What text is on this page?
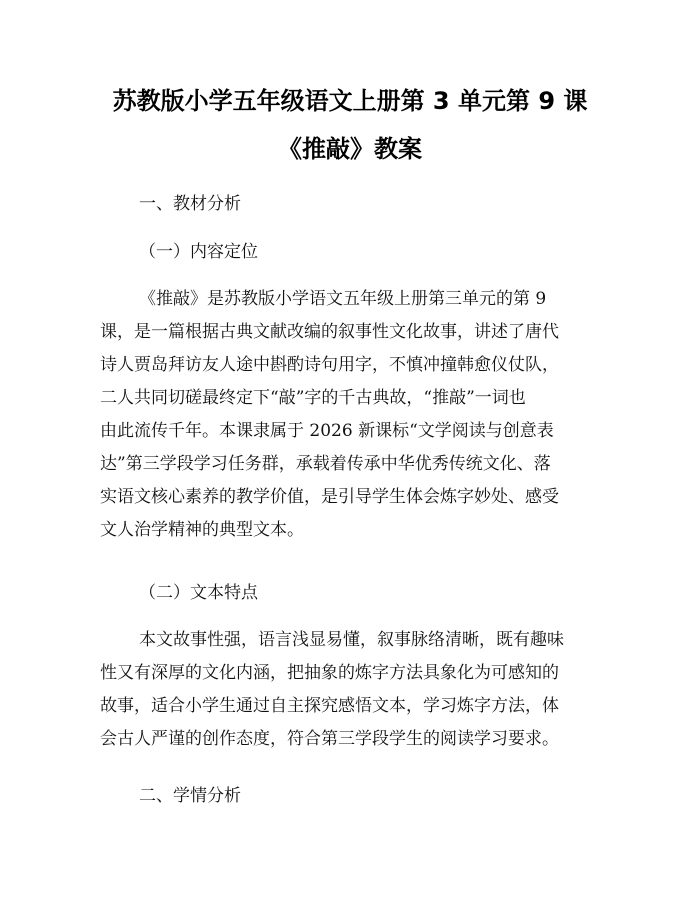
苏教版小学五年级语文上册第 3 单元第 9 课
《推敲》教案
一、教材分析
（一）内容定位
《推敲》是苏教版小学语文五年级上册第三单元的第 9
课，是一篇根据古典文献改编的叙事性文化故事，讲述了唐代
诗人贾岛拜访友人途中斟酌诗句用字，不慎冲撞韩愈仪仗队，
二人共同切磋最终定下“敲”字的千古典故，“推敲”一词也
由此流传千年。本课隶属于 2026 新课标“文学阅读与创意表
达”第三学段学习任务群，承载着传承中华优秀传统文化、落
实语文核心素养的教学价值，是引导学生体会炼字妙处、感受
文人治学精神的典型文本。
（二）文本特点
本文故事性强，语言浅显易懂，叙事脉络清晰，既有趣味
性又有深厚的文化内涵，把抽象的炼字方法具象化为可感知的
故事，适合小学生通过自主探究感悟文本，学习炼字方法，体
会古人严谨的创作态度，符合第三学段学生的阅读学习要求。
二、学情分析
